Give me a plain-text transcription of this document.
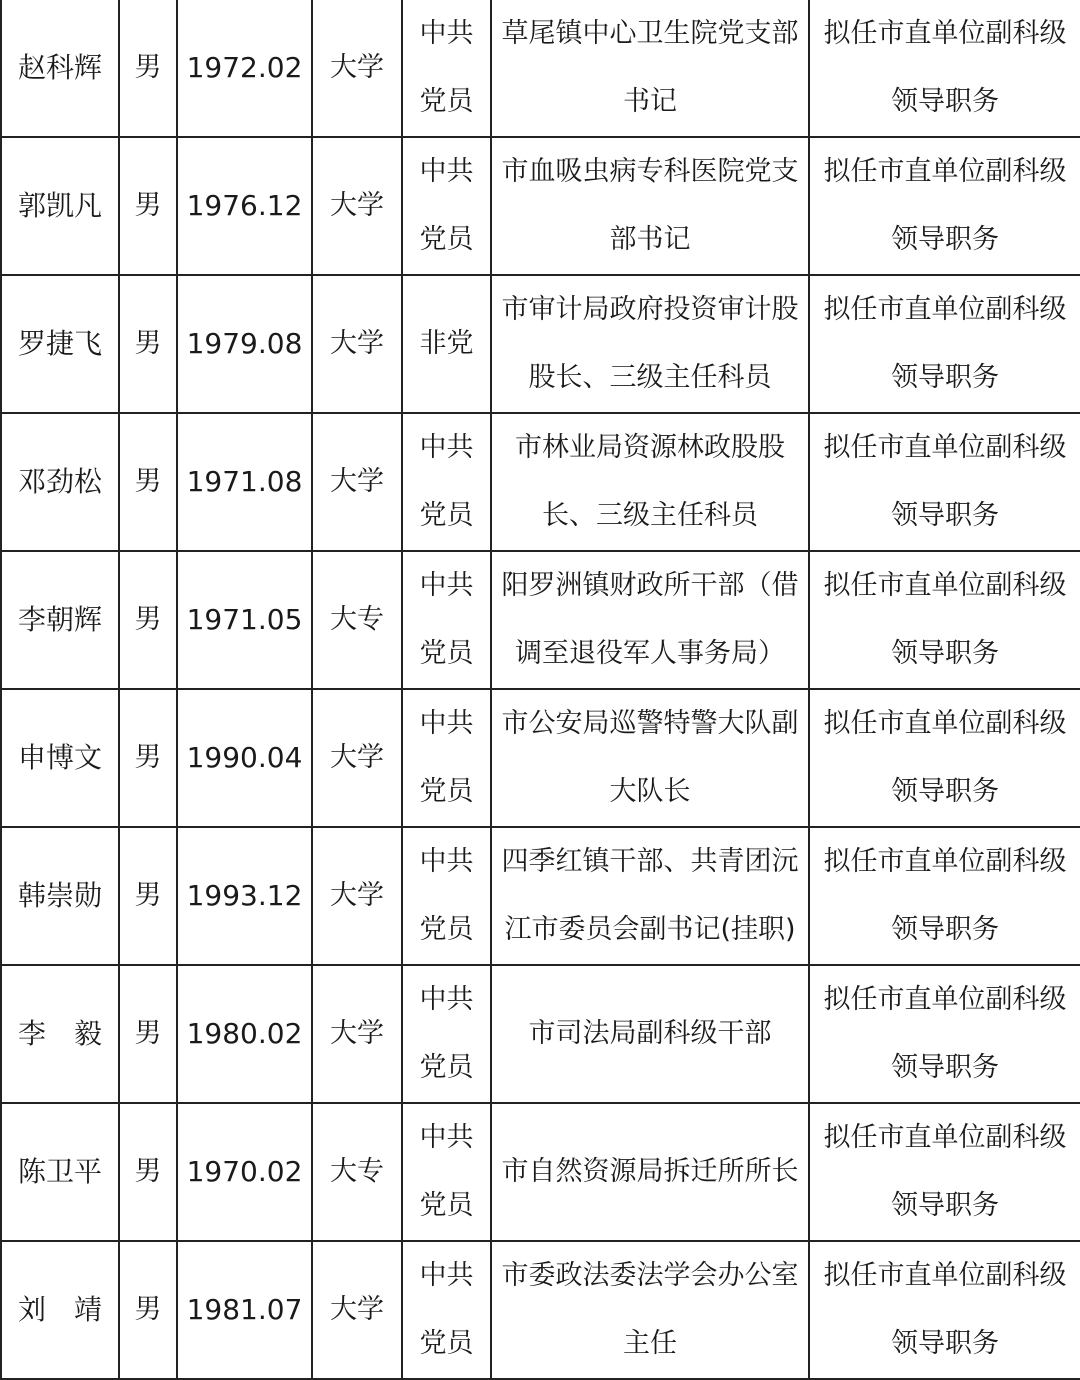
赵科辉	男	1972.02	大学	中共党员	草尾镇中心卫生院党支部书记	拟任市直单位副科级领导职务
郭凯凡	男	1976.12	大学	中共党员	市血吸虫病专科医院党支部书记	拟任市直单位副科级领导职务
罗捷飞	男	1979.08	大学	非党	市审计局政府投资审计股股长、三级主任科员	拟任市直单位副科级领导职务
邓劲松	男	1971.08	大学	中共党员	市林业局资源林政股股长、三级主任科员	拟任市直单位副科级领导职务
李朝辉	男	1971.05	大专	中共党员	阳罗洲镇财政所干部（借调至退役军人事务局）	拟任市直单位副科级领导职务
申博文	男	1990.04	大学	中共党员	市公安局巡警特警大队副大队长	拟任市直单位副科级领导职务
韩崇勋	男	1993.12	大学	中共党员	四季红镇干部、共青团沅江市委员会副书记(挂职)	拟任市直单位副科级领导职务
李　毅	男	1980.02	大学	中共党员	市司法局副科级干部	拟任市直单位副科级领导职务
陈卫平	男	1970.02	大专	中共党员	市自然资源局拆迁所所长	拟任市直单位副科级领导职务
刘　靖	男	1981.07	大学	中共党员	市委政法委法学会办公室主任	拟任市直单位副科级领导职务
